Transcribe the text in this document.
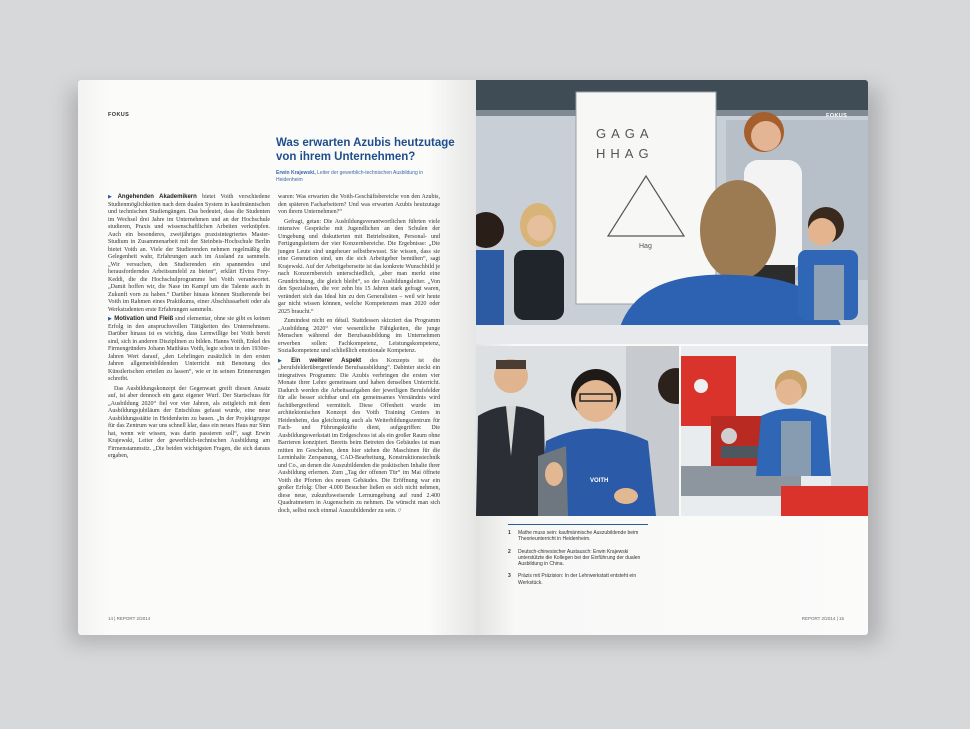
FOKUS
Was erwarten Azubis heutzutage von ihrem Unternehmen?
Erwin Krajewski, Leiter der gewerblich-technischen Ausbildung in Heidenheim

▶ Angehenden Akademikern bietet Voith verschiedene Studienmöglichkeiten nach dem dualen System in kaufmännischen und technischen Studiengängen. Das bedeutet, dass die Studenten im Wechsel drei Jahre im Unternehmen und an der Hochschule studieren, Praxis und wissenschaftlichen Arbeiten verknüpfen. Auch ein besonderes, zweijähriges praxisintegriertes Master-Studium in Zusammenarbeit mit der Steinbeis-Hochschule Berlin bietet Voith an. Viele der Studierenden nehmen regelmäßig die Gelegenheit wahr, Erfahrungen auch im Ausland zu sammeln. „Wir versuchen, den Studierenden ein spannendes und herausforderndes Arbeitsumfeld zu bieten“, erklärt Elvira Frey-Keddi, die die Hochschulprogramme bei Voith verantwortet. „Damit hoffen wir, die Nase im Kampf um die Talente auch in Zukunft vorn zu haben.“ Darüber hinaus können Studierende bei Voith im Rahmen eines Praktikums, einer Abschlussarbeit oder als Werkstudenten erste Erfahrungen sammeln.

▶ Motivation und Fleiß sind elementar, ohne sie gibt es keinen Erfolg in den anspruchsvollen Tätigkeiten des Unternehmens. Darüber hinaus ist es wichtig, dass Lernwillige bei Voith bereit sind, sich in anderen Disziplinen zu bilden. Hanns Voith, Enkel des Firmengründers Johann Matthäus Voith, legte schon in den 1930er-Jahren Wert darauf, „den Lehrlingen zusätzlich in den ersten Jahren allgemeinbildenden Unterricht mit Benotung des Künstlerischen erteilen zu lassen“, wie er in seinen Erinnerungen schreibt.

Das Ausbildungskonzept der Gegenwart greift diesen Ansatz auf, ist aber dennoch ein ganz eigener Wurf. Der Startschuss für „Ausbildung 2020“ fiel vor vier Jahren, als zeitgleich mit dem Ausbildungsjubiläum der Entschluss gefasst wurde, eine neue Ausbildungsstätte in Heidenheim zu bauen. „In der Projektgruppe für das Zentrum war uns schnell klar, dass ein neues Haus nur Sinn hat, wenn wir wissen, was darin passieren soll“, sagt Erwin Krajewski, Leiter der gewerblich-technischen Ausbildung am Firmenstammsitz. „Die beiden wichtigsten Fragen, die sich daraus ergaben,

waren: Was erwarten die Voith-Geschäftsbereiche von den Azubis, den späteren Facharbeitern? Und was erwarten Azubis heutzutage von ihrem Unternehmen?“

Gefragt, getan: Die Ausbildungsverantwortlichen führten viele intensive Gespräche mit Jugendlichen an den Schulen der Umgebung und diskutierten mit Betriebsräten, Personal- und Fertigungsleitern der vier Konzernbereiche. Die Ergebnisse: „Die jungen Leute sind ungeheuer selbstbewusst. Sie wissen, dass sie eine Generation sind, um die sich Arbeitgeber bemühen“, sagt Krajewski. Auf der Arbeitgeberseite ist das konkrete Wunschbild je nach Konzernbereich unterschiedlich, „aber man merkt eine Grundrichtung, die gleich bleibt“, so der Ausbildungsleiter. „Von den Spezialisten, die vor zehn bis 15 Jahren stark gefragt waren, verändert sich das Ideal hin zu den Generalisten – weil wir heute gar nicht wissen können, welche Kompetenzen man 2020 oder 2025 braucht.“

Zumindest nicht en détail. Stattdessen skizziert das Programm „Ausbildung 2020“ vier wesentliche Fähigkeiten, die junge Menschen während der Berufsausbildung im Unternehmen erwerben sollen: Fachkompetenz, Leistungskompetenz, Sozialkompetenz und schließlich emotionale Kompetenz.

▶ Ein weiterer Aspekt des Konzepts ist die „berufsfelderübergreifende Berufsausbildung“. Dabinter steckt ein integratives Programm: Die Azubis verbringen die ersten vier Monate ihrer Lehre gemeinsam und haben denselben Unterricht. Dadurch werden die Arbeitsaufgaben der jeweiligen Berufsfelder für alle besser sichtbar und ein gemeinsames Verständnis wird fachübergreifend vermittelt. Diese Offenheit wurde im architektonischen Konzept des Voith Training Centers in Heidenheim, das gleichzeitig auch als Weiterbildungszentrum für Fach- und Führungskräfte dient, aufgegriffen: Die Ausbildungswerkstatt im Erdgeschoss ist als ein großer Raum ohne Barrieren konzipiert. Bereits beim Betreten des Gebäudes ist man mitten im Geschehen, denn hier stehen die Maschinen für die Lerninhalte Zerspanung, CAD-Bearbeitung, Konstruktionstechnik und Co., an denen die Auszubildenden die praktischen Inhalte ihrer Ausbildung erlernen. Zum „Tag der offenen Tür“ im Mai öffnete Voith die Pforten des neuen Gebäudes. Die Eröffnung war ein großer Erfolg: Über 4.000 Besucher ließen es sich nicht nehmen, diese neue, zukunftsweisende Lernumgebung auf rund 2.400 Quadratmetern in Augenschein zu nehmen. Da wünscht man sich doch, selbst noch einmal Auszubildender zu sein. //

14 | REPORT 2/2014
GAGA
HHAG
Hag
FOKUS
VOITH
1	Mathe muss sein: kaufmännische Auszubildende beim Theorieunterricht in Heidenheim.
2	Deutsch-chinesischer Austausch: Erwin Krajewski unterstützte die Kollegen bei der Einführung der dualen Ausbildung in China.
3	Präzis mit Präzision: In der Lehrwerkstatt entsteht ein Werkstück.
REPORT 2/2014 | 15
